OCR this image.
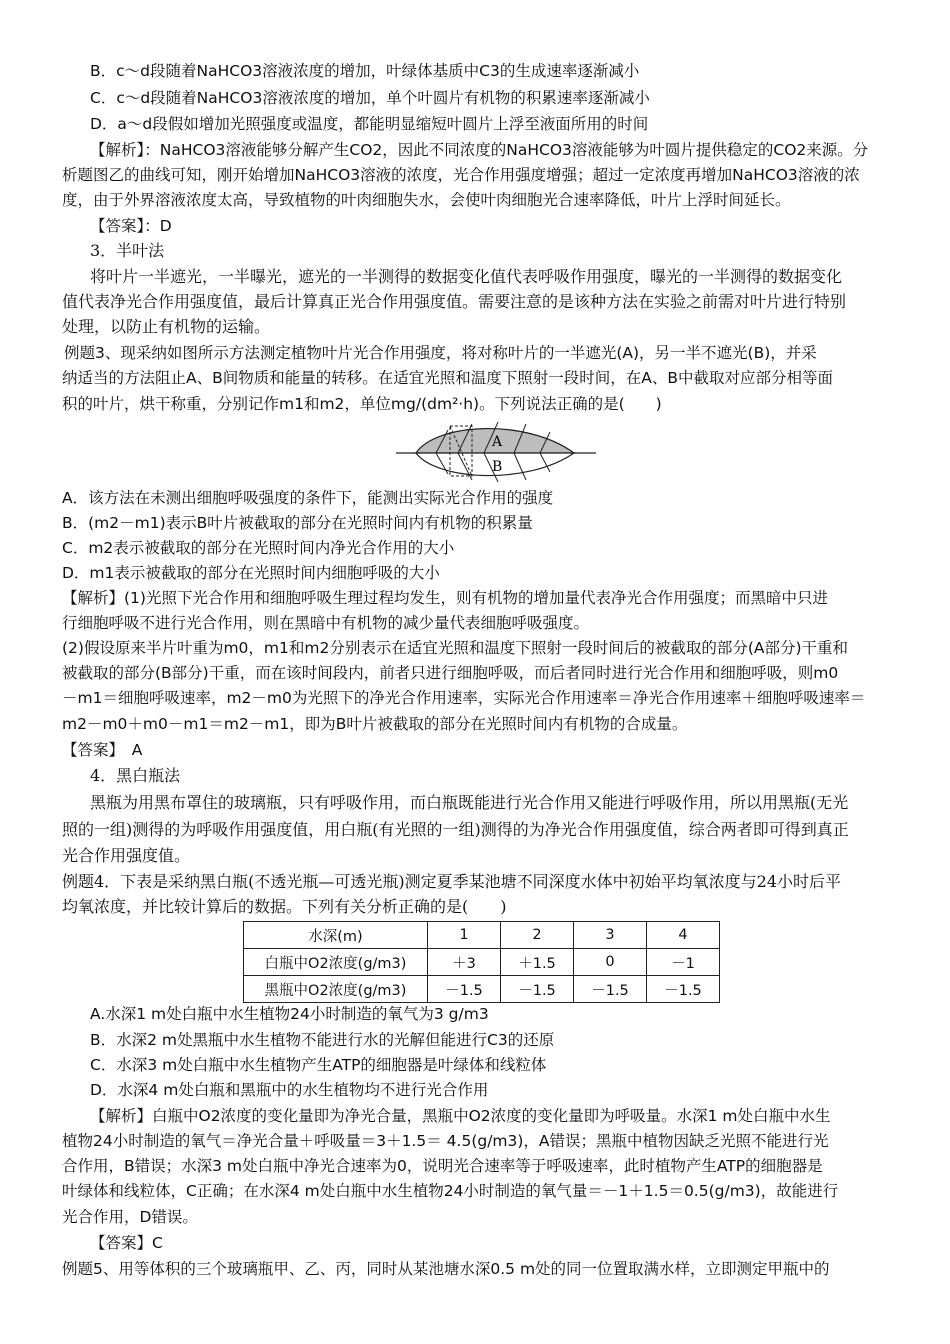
B．c～d段随着NaHCO3溶液浓度的增加，叶绿体基质中C3的生成速率逐渐减小
C．c～d段随着NaHCO3溶液浓度的增加，单个叶圆片有机物的积累速率逐渐减小
D．a～d段假如增加光照强度或温度，都能明显缩短叶圆片上浮至液面所用的时间
【解析】：NaHCO3溶液能够分解产生CO2，因此不同浓度的NaHCO3溶液能够为叶圆片提供稳定的CO2来源。分
析题图乙的曲线可知，刚开始增加NaHCO3溶液的浓度，光合作用强度增强；超过一定浓度再增加NaHCO3溶液的浓
度，由于外界溶液浓度太高，导致植物的叶肉细胞失水，会使叶肉细胞光合速率降低，叶片上浮时间延长。
【答案】：D
3．半叶法
将叶片一半遮光，一半曝光，遮光的一半测得的数据变化值代表呼吸作用强度，曝光的一半测得的数据变化
值代表净光合作用强度值，最后计算真正光合作用强度值。需要注意的是该种方法在实验之前需对叶片进行特别
处理，以防止有机物的运输。
例题3、现采纳如图所示方法测定植物叶片光合作用强度，将对称叶片的一半遮光(A)，另一半不遮光(B)，并采
纳适当的方法阻止A、B间物质和能量的转移。在适宜光照和温度下照射一段时间，在A、B中截取对应部分相等面
积的叶片，烘干称重，分别记作m1和m2，单位mg/(dm²·h)。下列说法正确的是(　　)
A
B
A．该方法在未测出细胞呼吸强度的条件下，能测出实际光合作用的强度
B．(m2－m1)表示B叶片被截取的部分在光照时间内有机物的积累量
C．m2表示被截取的部分在光照时间内净光合作用的大小
D．m1表示被截取的部分在光照时间内细胞呼吸的大小
【解析】(1)光照下光合作用和细胞呼吸生理过程均发生，则有机物的增加量代表净光合作用强度；而黑暗中只进
行细胞呼吸不进行光合作用，则在黑暗中有机物的减少量代表细胞呼吸强度。
(2)假设原来半片叶重为m0，m1和m2分别表示在适宜光照和温度下照射一段时间后的被截取的部分(A部分)干重和
被截取的部分(B部分)干重，而在该时间段内，前者只进行细胞呼吸，而后者同时进行光合作用和细胞呼吸，则m0
－m1＝细胞呼吸速率，m2－m0为光照下的净光合作用速率，实际光合作用速率＝净光合作用速率＋细胞呼吸速率＝
m2－m0＋m0－m1＝m2－m1，即为B叶片被截取的部分在光照时间内有机物的合成量。
【答案】　A
4．黑白瓶法
黑瓶为用黑布罩住的玻璃瓶，只有呼吸作用，而白瓶既能进行光合作用又能进行呼吸作用，所以用黑瓶(无光
照的一组)测得的为呼吸作用强度值，用白瓶(有光照的一组)测得的为净光合作用强度值，综合两者即可得到真正
光合作用强度值。
例题4．下表是采纳黑白瓶(不透光瓶—可透光瓶)测定夏季某池塘不同深度水体中初始平均氧浓度与24小时后平
均氧浓度，并比较计算后的数据。下列有关分析正确的是(　　)
水深(m)	1	2	3	4
白瓶中O2浓度(g/m3)	＋3	＋1.5	0	－1
黑瓶中O2浓度(g/m3)	－1.5	－1.5	－1.5	－1.5
A.水深1 m处白瓶中水生植物24小时制造的氧气为3 g/m3
B．水深2 m处黑瓶中水生植物不能进行水的光解但能进行C3的还原
C．水深3 m处白瓶中水生植物产生ATP的细胞器是叶绿体和线粒体
D．水深4 m处白瓶和黑瓶中的水生植物均不进行光合作用
【解析】白瓶中O2浓度的变化量即为净光合量，黑瓶中O2浓度的变化量即为呼吸量。水深1 m处白瓶中水生
植物24小时制造的氧气＝净光合量＋呼吸量＝3＋1.5＝ 4.5(g/m3)，A错误；黑瓶中植物因缺乏光照不能进行光
合作用，B错误；水深3 m处白瓶中净光合速率为0，说明光合速率等于呼吸速率，此时植物产生ATP的细胞器是
叶绿体和线粒体，C正确；在水深4 m处白瓶中水生植物24小时制造的氧气量＝－1＋1.5＝0.5(g/m3)，故能进行
光合作用，D错误。
【答案】C
例题5、用等体积的三个玻璃瓶甲、乙、丙，同时从某池塘水深0.5 m处的同一位置取满水样，立即测定甲瓶中的
